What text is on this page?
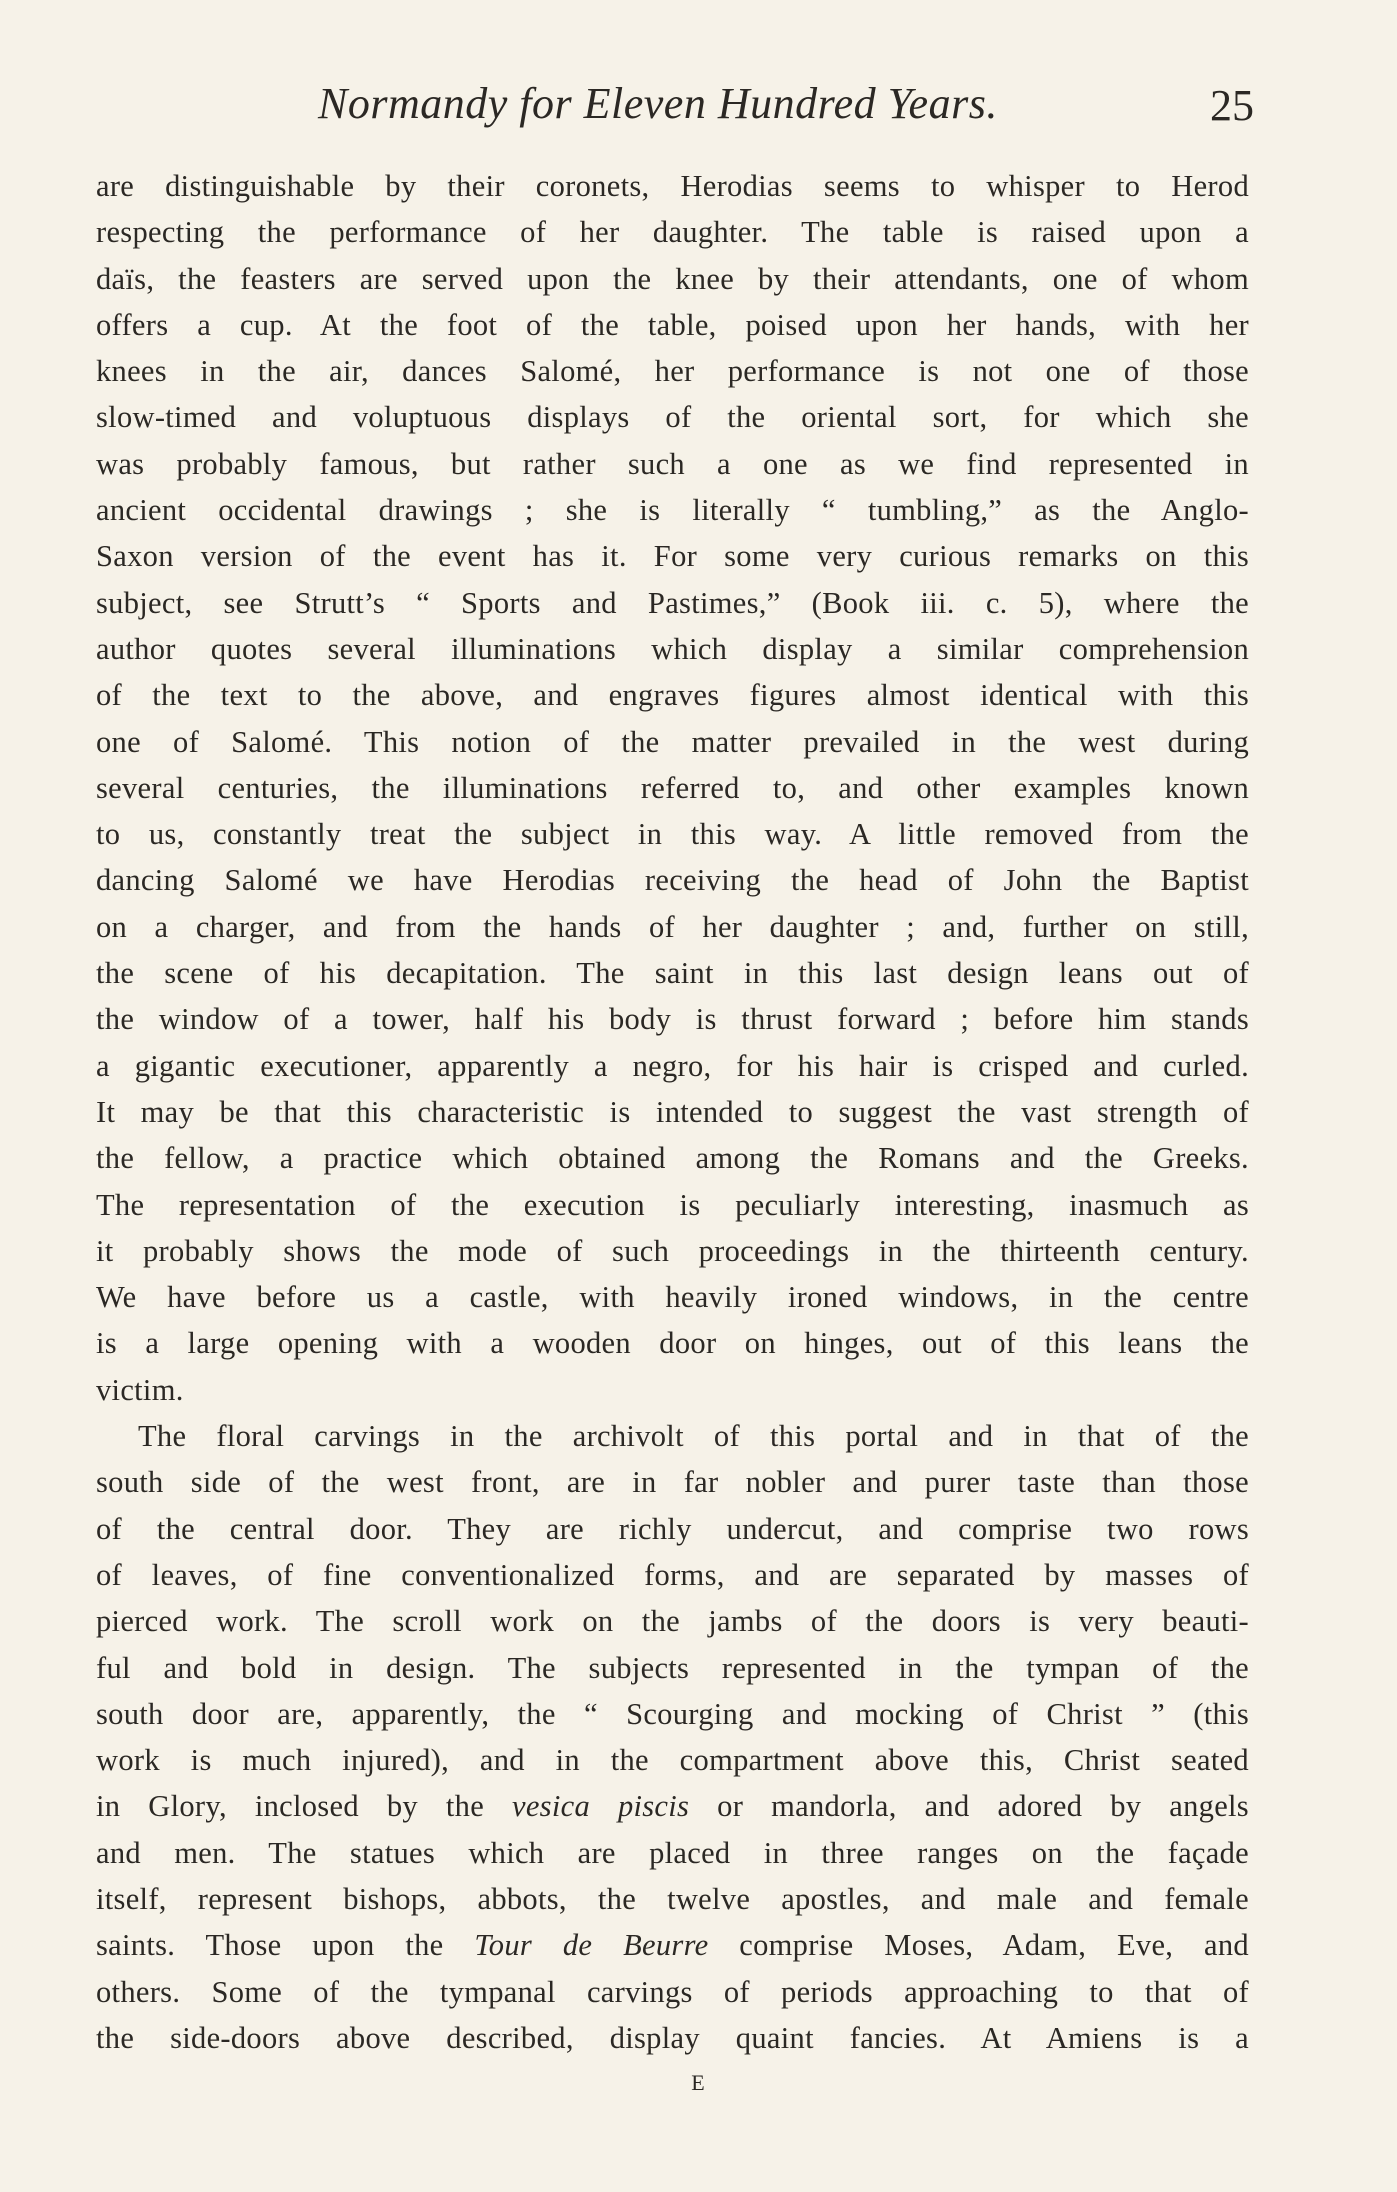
Normandy for Eleven Hundred Years.	25
are distinguishable by their coronets, Herodias seems to whisper to Herod
respecting the performance of her daughter. The table is raised upon a
daïs, the feasters are served upon the knee by their attendants, one of whom
offers a cup. At the foot of the table, poised upon her hands, with her
knees in the air, dances Salomé, her performance is not one of those
slow-timed and voluptuous displays of the oriental sort, for which she
was probably famous, but rather such a one as we find represented in
ancient occidental drawings ; she is literally “ tumbling,” as the Anglo-
Saxon version of the event has it. For some very curious remarks on this
subject, see Strutt’s “ Sports and Pastimes,” (Book iii. c. 5), where the
author quotes several illuminations which display a similar comprehension
of the text to the above, and engraves figures almost identical with this
one of Salomé. This notion of the matter prevailed in the west during
several centuries, the illuminations referred to, and other examples known
to us, constantly treat the subject in this way. A little removed from the
dancing Salomé we have Herodias receiving the head of John the Baptist
on a charger, and from the hands of her daughter ; and, further on still,
the scene of his decapitation. The saint in this last design leans out of
the window of a tower, half his body is thrust forward ; before him stands
a gigantic executioner, apparently a negro, for his hair is crisped and curled.
It may be that this characteristic is intended to suggest the vast strength of
the fellow, a practice which obtained among the Romans and the Greeks.
The representation of the execution is peculiarly interesting, inasmuch as
it probably shows the mode of such proceedings in the thirteenth century.
We have before us a castle, with heavily ironed windows, in the centre
is a large opening with a wooden door on hinges, out of this leans the
victim.
The floral carvings in the archivolt of this portal and in that of the
south side of the west front, are in far nobler and purer taste than those
of the central door. They are richly undercut, and comprise two rows
of leaves, of fine conventionalized forms, and are separated by masses of
pierced work. The scroll work on the jambs of the doors is very beauti-
ful and bold in design. The subjects represented in the tympan of the
south door are, apparently, the “ Scourging and mocking of Christ ” (this
work is much injured), and in the compartment above this, Christ seated
in Glory, inclosed by the vesica piscis or mandorla, and adored by angels
and men. The statues which are placed in three ranges on the façade
itself, represent bishops, abbots, the twelve apostles, and male and female
saints. Those upon the Tour de Beurre comprise Moses, Adam, Eve, and
others. Some of the tympanal carvings of periods approaching to that of
the side-doors above described, display quaint fancies. At Amiens is a
E
